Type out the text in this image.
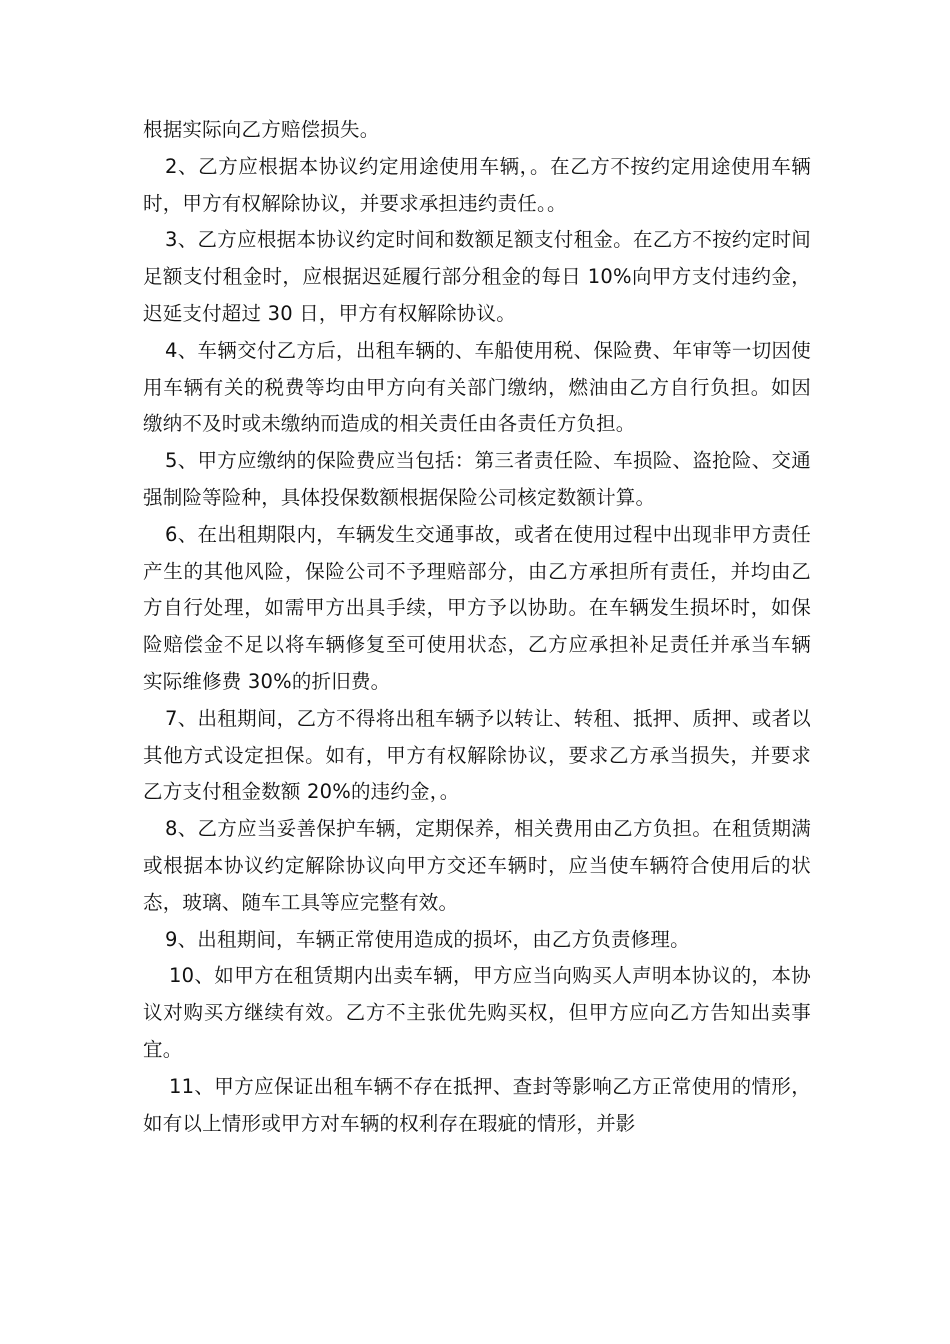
根据实际向乙方赔偿损失。

2、乙方应根据本协议约定用途使用车辆，。在乙方不按约定用途使用车辆时，甲方有权解除协议，并要求承担违约责任。。

3、乙方应根据本协议约定时间和数额足额支付租金。在乙方不按约定时间足额支付租金时，应根据迟延履行部分租金的每日 10%向甲方支付违约金，迟延支付超过 30 日，甲方有权解除协议。

4、车辆交付乙方后，出租车辆的、车船使用税、保险费、年审等一切因使用车辆有关的税费等均由甲方向有关部门缴纳，燃油由乙方自行负担。如因缴纳不及时或未缴纳而造成的相关责任由各责任方负担。

5、甲方应缴纳的保险费应当包括：第三者责任险、车损险、盗抢险、交通强制险等险种，具体投保数额根据保险公司核定数额计算。

6、在出租期限内，车辆发生交通事故，或者在使用过程中出现非甲方责任产生的其他风险，保险公司不予理赔部分，由乙方承担所有责任，并均由乙方自行处理，如需甲方出具手续，甲方予以协助。在车辆发生损坏时，如保险赔偿金不足以将车辆修复至可使用状态，乙方应承担补足责任并承当车辆实际维修费 30%的折旧费。

7、出租期间，乙方不得将出租车辆予以转让、转租、抵押、质押、或者以其他方式设定担保。如有，甲方有权解除协议，要求乙方承当损失，并要求乙方支付租金数额 20%的违约金，。

8、乙方应当妥善保护车辆，定期保养，相关费用由乙方负担。在租赁期满或根据本协议约定解除协议向甲方交还车辆时，应当使车辆符合使用后的状态，玻璃、随车工具等应完整有效。

9、出租期间，车辆正常使用造成的损坏，由乙方负责修理。

10、如甲方在租赁期内出卖车辆，甲方应当向购买人声明本协议的，本协议对购买方继续有效。乙方不主张优先购买权，但甲方应向乙方告知出卖事宜。

11、甲方应保证出租车辆不存在抵押、查封等影响乙方正常使用的情形，如有以上情形或甲方对车辆的权利存在瑕疵的情形，并影
